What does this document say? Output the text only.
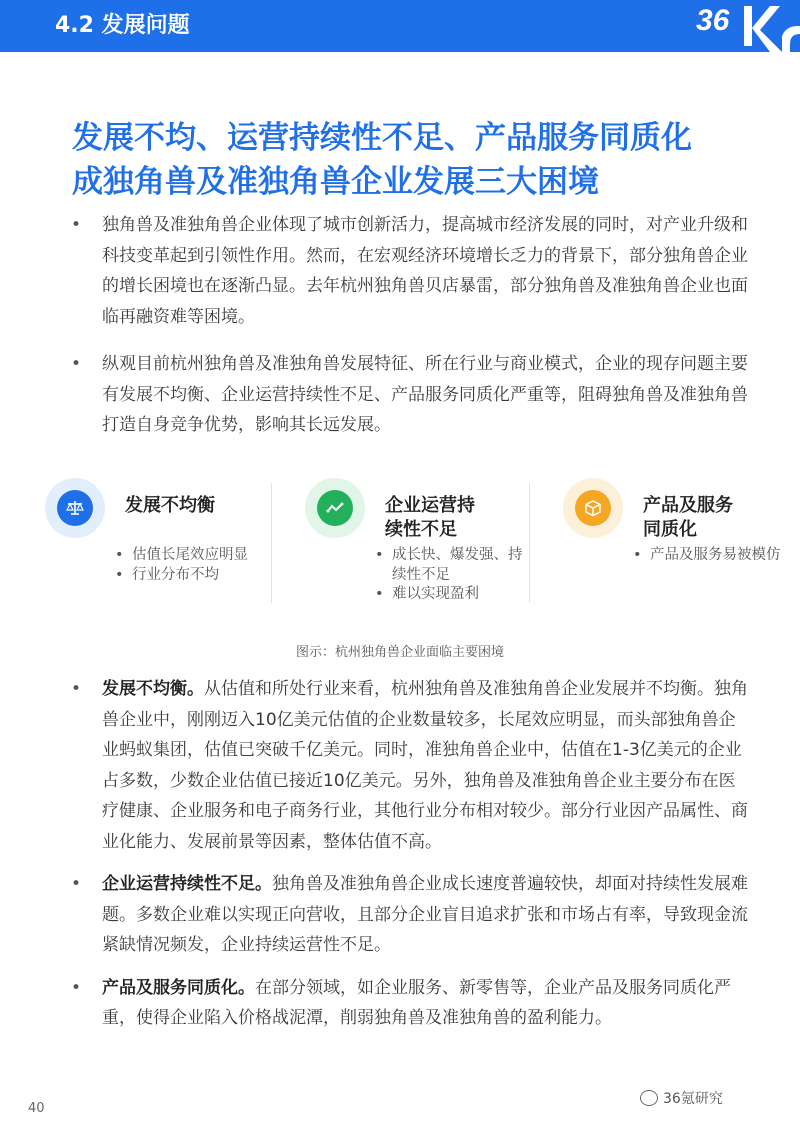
4.2 发展问题	36
发展不均、运营持续性不足、产品服务同质化
成独角兽及准独角兽企业发展三大困境
• 独角兽及准独角兽企业体现了城市创新活力，提高城市经济发展的同时，对产业升级和科技变革起到引领性作用。然而，在宏观经济环境增长乏力的背景下，部分独角兽企业的增长困境也在逐渐凸显。去年杭州独角兽贝店暴雷，部分独角兽及准独角兽企业也面临再融资难等困境。
• 纵观目前杭州独角兽及准独角兽发展特征、所在行业与商业模式，企业的现存问题主要有发展不均衡、企业运营持续性不足、产品服务同质化严重等，阻碍独角兽及准独角兽打造自身竞争优势，影响其长远发展。
发展不均衡
• 估值长尾效应明显
• 行业分布不均
企业运营持
续性不足
• 成长快、爆发强、持续性不足
• 难以实现盈利
产品及服务
同质化
• 产品及服务易被模仿
图示：杭州独角兽企业面临主要困境
• 发展不均衡。从估值和所处行业来看，杭州独角兽及准独角兽企业发展并不均衡。独角兽企业中，刚刚迈入10亿美元估值的企业数量较多，长尾效应明显，而头部独角兽企业蚂蚁集团，估值已突破千亿美元。同时，准独角兽企业中，估值在1-3亿美元的企业占多数，少数企业估值已接近10亿美元。另外，独角兽及准独角兽企业主要分布在医疗健康、企业服务和电子商务行业，其他行业分布相对较少。部分行业因产品属性、商业化能力、发展前景等因素，整体估值不高。
• 企业运营持续性不足。独角兽及准独角兽企业成长速度普遍较快，却面对持续性发展难题。多数企业难以实现正向营收，且部分企业盲目追求扩张和市场占有率，导致现金流紧缺情况频发，企业持续运营性不足。
• 产品及服务同质化。在部分领域，如企业服务、新零售等，企业产品及服务同质化严重，使得企业陷入价格战泥潭，削弱独角兽及准独角兽的盈利能力。
40
36氪研究
